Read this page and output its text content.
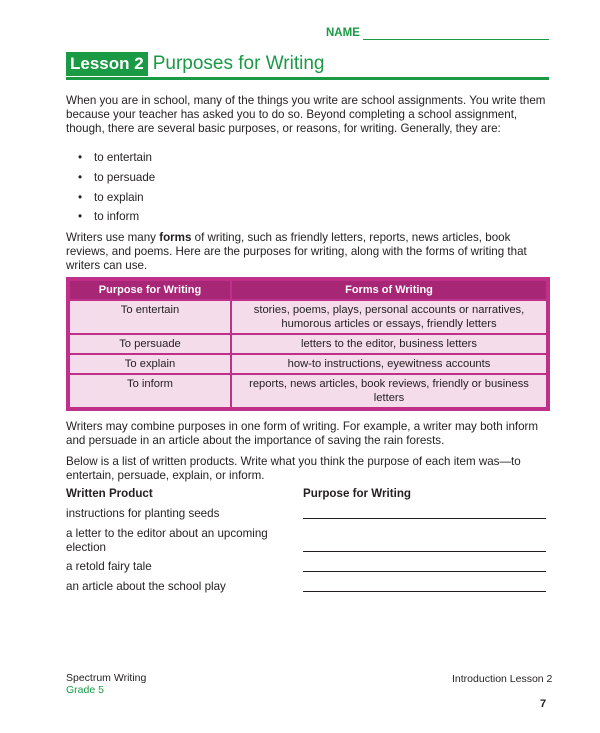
NAME
Lesson 2 Purposes for Writing

When you are in school, many of the things you write are school assignments. You write them because your teacher has asked you to do so. Beyond completing a school assignment, though, there are several basic purposes, or reasons, for writing. Generally, they are:

•	to entertain
•	to persuade
•	to explain
•	to inform

Writers use many forms of writing, such as friendly letters, reports, news articles, book reviews, and poems. Here are the purposes for writing, along with the forms of writing that writers can use.

Purpose for Writing	Forms of Writing
To entertain	stories, poems, plays, personal accounts or narratives, humorous articles or essays, friendly letters
To persuade	letters to the editor, business letters
To explain	how-to instructions, eyewitness accounts
To inform	reports, news articles, book reviews, friendly or business letters

Writers may combine purposes in one form of writing. For example, a writer may both inform and persuade in an article about the importance of saving the rain forests.

Below is a list of written products. Write what you think the purpose of each item was—to entertain, persuade, explain, or inform.

Written Product	Purpose for Writing
instructions for planting seeds
a letter to the editor about an upcoming election
a retold fairy tale
an article about the school play
Spectrum Writing
Grade 5
Introduction Lesson 2
7
